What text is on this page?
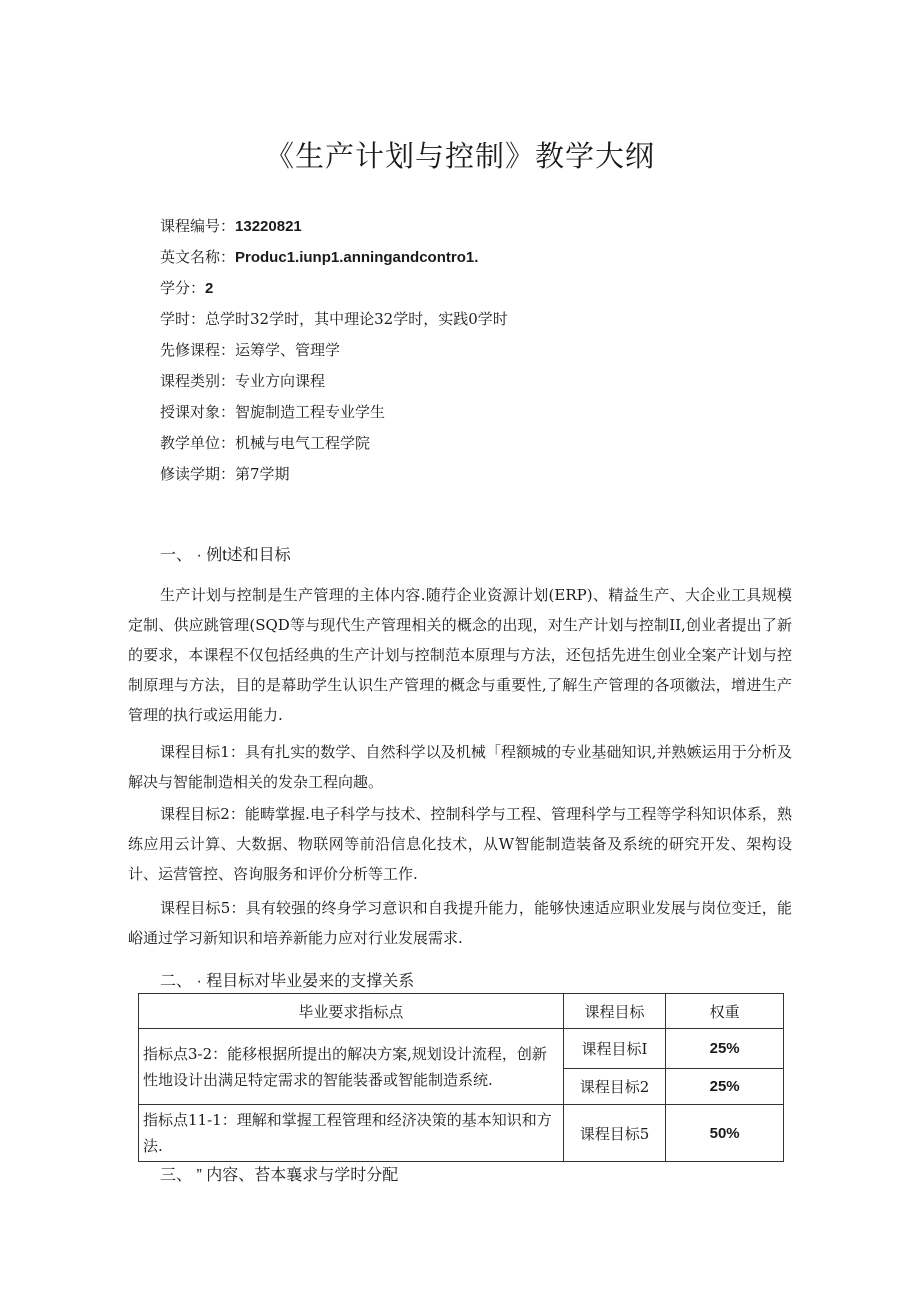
《生产计划与控制》教学大纲
课程编号：13220821
英文名称：Produc1.iunp1.anningandcontro1.
学分：2
学时：总学时32学时，其中理论32学时，实践0学时
先修课程：运筹学、管理学
课程类别：专业方向课程
授课对象：智旎制造工程专业学生
教学单位：机械与电气工程学院
修读学期：第7学期
一、 · 例t述和目标
生产计划与控制是生产管理的主体内容.随荇企业资源计划(ERP)、精益生产、大企业工具规模定制、供应跳管理(SQD等与现代生产管理相关的概念的出现，对生产计划与控制II,创业者提出了新的要求，本课程不仅包括经典的生产计划与控制范本原理与方法，还包括先进生创业全案产计划与控制原理与方法，目的是幕助学生认识生产管理的概念与重要性,了解生产管理的各项徽法，增进生产管理的执行或运用能力.
课程目标1：具有扎实的数学、自然科学以及机械「程额城的专业基础知识,并熟嫉运用于分析及解决与智能制造相关的发杂工程向趣。
课程目标2：能畴掌握.电子科学与技术、控制科学与工程、管理科学与工程等学科知识体系，熟练应用云计算、大数据、物联网等前沿信息化技术，从W智能制造装备及系统的研究开发、架构设计、运营管控、咨询服务和评价分析等工作.
课程目标5：具有较强的终身学习意识和自我提升能力，能够快速适应职业发展与岗位变迁，能峪通过学习新知识和培养新能力应对行业发展需求.
二、 · 程目标对毕业晏来的支撑关系
毕业要求指标点	课程目标	权重
指标点3-2：能移根据所提出的解决方案,规划设计流程，创新性地设计出满足特定需求的智能装番或智能制造系统.	课程目标I	25%
	课程目标2	25%
指标点11-1：理解和掌握工程管理和经济决策的基本知识和方法.	课程目标5	50%
三、 ” 内容、苔本襄求与学时分配
